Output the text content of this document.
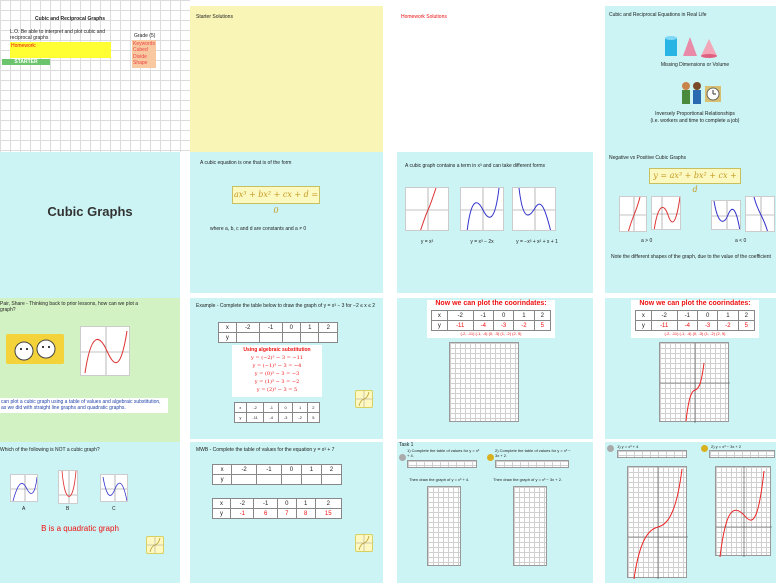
Cubic and Reciprocal Graphs
L.O. Be able to interpret and plot cubic and reciprocal graphs
Homework:
STARTER
Grade (5)
Keywords
Cubed
Divide
Shape
Starter Solutions	Homework Solutions	Cubic and Reciprocal Equations in Real Life
Missing Dimensions or Volume
Inversely Proportional Relationships
(i.e. workers and time to complete a job)
Cubic Graphs
A cubic equation is one that is of the form
ax³ + bx² + cx + d = 0
where a, b, c and d are constants and a ≠ 0
A cubic graph contains a term in x³ and can take different forms
y = x³	y = x³ − 2x	y = −x³ + x² + x + 1
Negative vs Positive Cubic Graphs
y = ax³ + bx² + cx + d
a > 0	a < 0
Note the different shapes of the graph, due to the value of the coefficient
Pair, Share - Thinking back to prior lessons, how can we plot a graph?
can plot a cubic graph using a table of values and algebraic substitution, as we did with straight line graphs and quadratic graphs.
Example - Complete the table below to draw the graph of y = x³ − 3 for −2 ≤ x ≤ 2
x	-2	-1	0	1	2
y					
Using algebraic substitution
y = (−2)³ − 3 = −11
y = (−1)³ − 3 = −4
y = (0)³ − 3 = −3
y = (1)³ − 3 = −2
y = (2)³ − 3 = 5
x	-2	-1	0	1	2
y	-11	-4	-3	-2	5
Now we can plot the coorindates:
x	-2	-1	0	1	2
y	-11	-4	-3	-2	5
(-2, -11) (-1, -4) (0, -3) (1, -2) (2, 5)
Now we can plot the coorindates:
x	-2	-1	0	1	2
y	-11	-4	-3	-2	5
(-2, -11) (-1, -4) (0, -3) (1, -2) (2, 5)
Which of the following is NOT a cubic graph?
A	B	C
B is a quadratic graph
MWB - Complete the table of values for the equation y = x³ + 7
x	-2	-1	0	1	2
y					
x	-2	-1	0	1	2
y	-1	6	7	8	15
Task 1
1) Complete the table of values for y = x³ + 4.
2) Complete the table of values for y = x³ − 3x + 2.
Then draw the graph of y = x³ + 4.	Then draw the graph of y = x³ − 3x + 2.
1) y = x³ + 4	2) y = x³ − 3x + 2
